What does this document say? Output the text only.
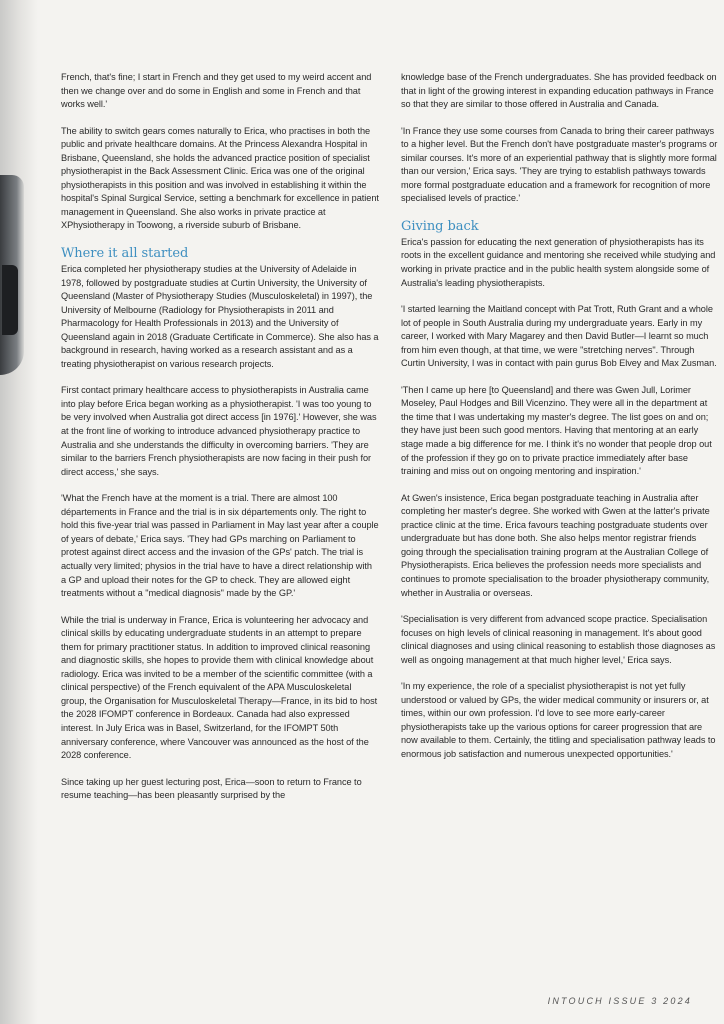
French, that's fine; I start in French and they get used to my weird accent and then we change over and do some in English and some in French and that works well.'

The ability to switch gears comes naturally to Erica, who practises in both the public and private healthcare domains. At the Princess Alexandra Hospital in Brisbane, Queensland, she holds the advanced practice position of specialist physiotherapist in the Back Assessment Clinic. Erica was one of the original physiotherapists in this position and was involved in establishing it within the hospital's Spinal Surgical Service, setting a benchmark for excellence in patient management in Queensland. She also works in private practice at XPhysiotherapy in Toowong, a riverside suburb of Brisbane.

Where it all started

Erica completed her physiotherapy studies at the University of Adelaide in 1978, followed by postgraduate studies at Curtin University, the University of Queensland (Master of Physiotherapy Studies (Musculoskeletal) in 1997), the University of Melbourne (Radiology for Physiotherapists in 2011 and Pharmacology for Health Professionals in 2013) and the University of Queensland again in 2018 (Graduate Certificate in Commerce). She also has a background in research, having worked as a research assistant and as a treating physiotherapist on various research projects.

First contact primary healthcare access to physiotherapists in Australia came into play before Erica began working as a physiotherapist. 'I was too young to be very involved when Australia got direct access [in 1976].' However, she was at the front line of working to introduce advanced physiotherapy practice to Australia and she understands the difficulty in overcoming barriers. 'They are similar to the barriers French physiotherapists are now facing in their push for direct access,' she says.

'What the French have at the moment is a trial. There are almost 100 départements in France and the trial is in six départements only. The right to hold this five-year trial was passed in Parliament in May last year after a couple of years of debate,' Erica says. 'They had GPs marching on Parliament to protest against direct access and the invasion of the GPs' patch. The trial is actually very limited; physios in the trial have to have a direct relationship with a GP and upload their notes for the GP to check. They are allowed eight treatments without a "medical diagnosis" made by the GP.'

While the trial is underway in France, Erica is volunteering her advocacy and clinical skills by educating undergraduate students in an attempt to prepare them for primary practitioner status. In addition to improved clinical reasoning and diagnostic skills, she hopes to provide them with clinical knowledge about radiology. Erica was invited to be a member of the scientific committee (with a clinical perspective) of the French equivalent of the APA Musculoskeletal group, the Organisation for Musculoskeletal Therapy—France, in its bid to host the 2028 IFOMPT conference in Bordeaux. Canada had also expressed interest. In July Erica was in Basel, Switzerland, for the IFOMPT 50th anniversary conference, where Vancouver was announced as the host of the 2028 conference.

Since taking up her guest lecturing post, Erica—soon to return to France to resume teaching—has been pleasantly surprised by the

knowledge base of the French undergraduates. She has provided feedback on that in light of the growing interest in expanding education pathways in France so that they are similar to those offered in Australia and Canada.

'In France they use some courses from Canada to bring their career pathways to a higher level. But the French don't have postgraduate master's programs or similar courses. It's more of an experiential pathway that is slightly more formal than our version,' Erica says. 'They are trying to establish pathways towards more formal postgraduate education and a framework for recognition of more specialised levels of practice.'

Giving back

Erica's passion for educating the next generation of physiotherapists has its roots in the excellent guidance and mentoring she received while studying and working in private practice and in the public health system alongside some of Australia's leading physiotherapists.

'I started learning the Maitland concept with Pat Trott, Ruth Grant and a whole lot of people in South Australia during my undergraduate years. Early in my career, I worked with Mary Magarey and then David Butler—I learnt so much from him even though, at that time, we were "stretching nerves". Through Curtin University, I was in contact with pain gurus Bob Elvey and Max Zusman.

'Then I came up here [to Queensland] and there was Gwen Jull, Lorimer Moseley, Paul Hodges and Bill Vicenzino. They were all in the department at the time that I was undertaking my master's degree. The list goes on and on; they have just been such good mentors. Having that mentoring at an early stage made a big difference for me. I think it's no wonder that people drop out of the profession if they go on to private practice immediately after base training and miss out on ongoing mentoring and inspiration.'

At Gwen's insistence, Erica began postgraduate teaching in Australia after completing her master's degree. She worked with Gwen at the latter's private practice clinic at the time. Erica favours teaching postgraduate students over undergraduate but has done both. She also helps mentor registrar friends going through the specialisation training program at the Australian College of Physiotherapists. Erica believes the profession needs more specialists and continues to promote specialisation to the broader physiotherapy community, whether in Australia or overseas.

'Specialisation is very different from advanced scope practice. Specialisation focuses on high levels of clinical reasoning in management. It's about good clinical diagnoses and using clinical reasoning to establish those diagnoses as well as ongoing management at that much higher level,' Erica says.

'In my experience, the role of a specialist physiotherapist is not yet fully understood or valued by GPs, the wider medical community or insurers or, at times, within our own profession. I'd love to see more early-career physiotherapists take up the various options for career progression that are now available to them. Certainly, the titling and specialisation pathway leads to enormous job satisfaction and numerous unexpected opportunities.'

INTOUCH ISSUE 3 2024
